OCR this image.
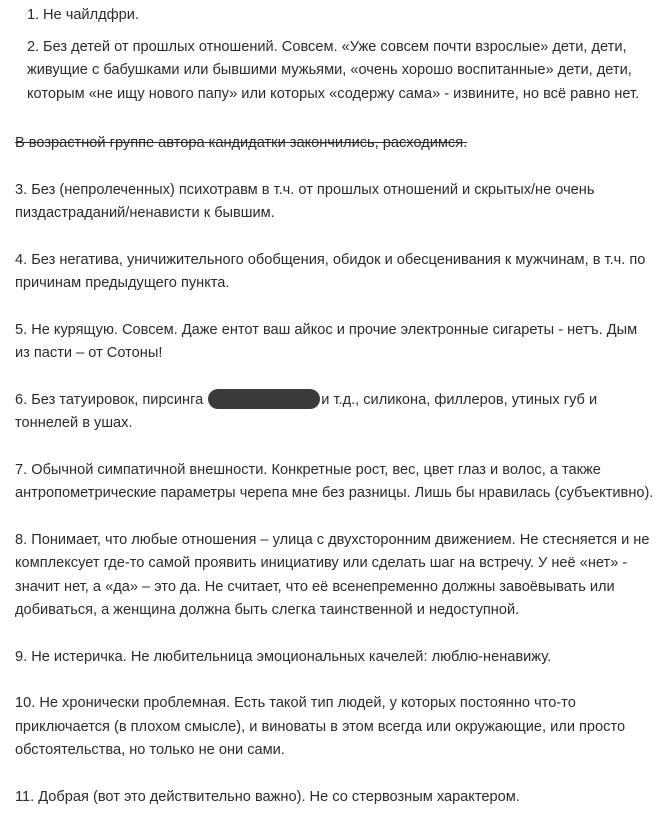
1. Не чайлдфри.

2. Без детей от прошлых отношений. Совсем. «Уже совсем почти взрослые» дети, дети, живущие с бабушками или бывшими мужьями, «очень хорошо воспитанные» дети, дети, которым «не ищу нового папу» или которых «содержу сама» - извините, но всё равно нет.

В возрастной группе автора кандидатки закончились, расходимся.

3. Без (непролеченных) психотравм в т.ч. от прошлых отношений и скрытых/не очень пиздастраданий/ненависти к бывшим.

4. Без негатива, уничижительного обобщения, обидок и обесценивания к мужчинам, в т.ч. по причинам предыдущего пункта.

5. Не курящую. Совсем. Даже ентот ваш айкос и прочие электронные сигареты - нетъ. Дым из пасти – от Сотоны!

6. Без татуировок, пирсинга	и т.д., силикона, филлеров, утиных губ и тоннелей в ушах.

7. Обычной симпатичной внешности. Конкретные рост, вес, цвет глаз и волос, а также антропометрические параметры черепа мне без разницы. Лишь бы нравилась (субъективно).

8. Понимает, что любые отношения – улица с двухсторонним движением. Не стесняется и не комплексует где-то самой проявить инициативу или сделать шаг на встречу. У неё «нет» - значит нет, а «да» – это да. Не считает, что её всенепременно должны завоёвывать или добиваться, а женщина должна быть слегка таинственной и недоступной.

9. Не истеричка. Не любительница эмоциональных качелей: люблю-ненавижу.

10. Не хронически проблемная. Есть такой тип людей, у которых постоянно что-то приключается (в плохом смысле), и виноваты в этом всегда или окружающие, или просто обстоятельства, но только не они сами.

11. Добрая (вот это действительно важно). Не со стервозным характером.
